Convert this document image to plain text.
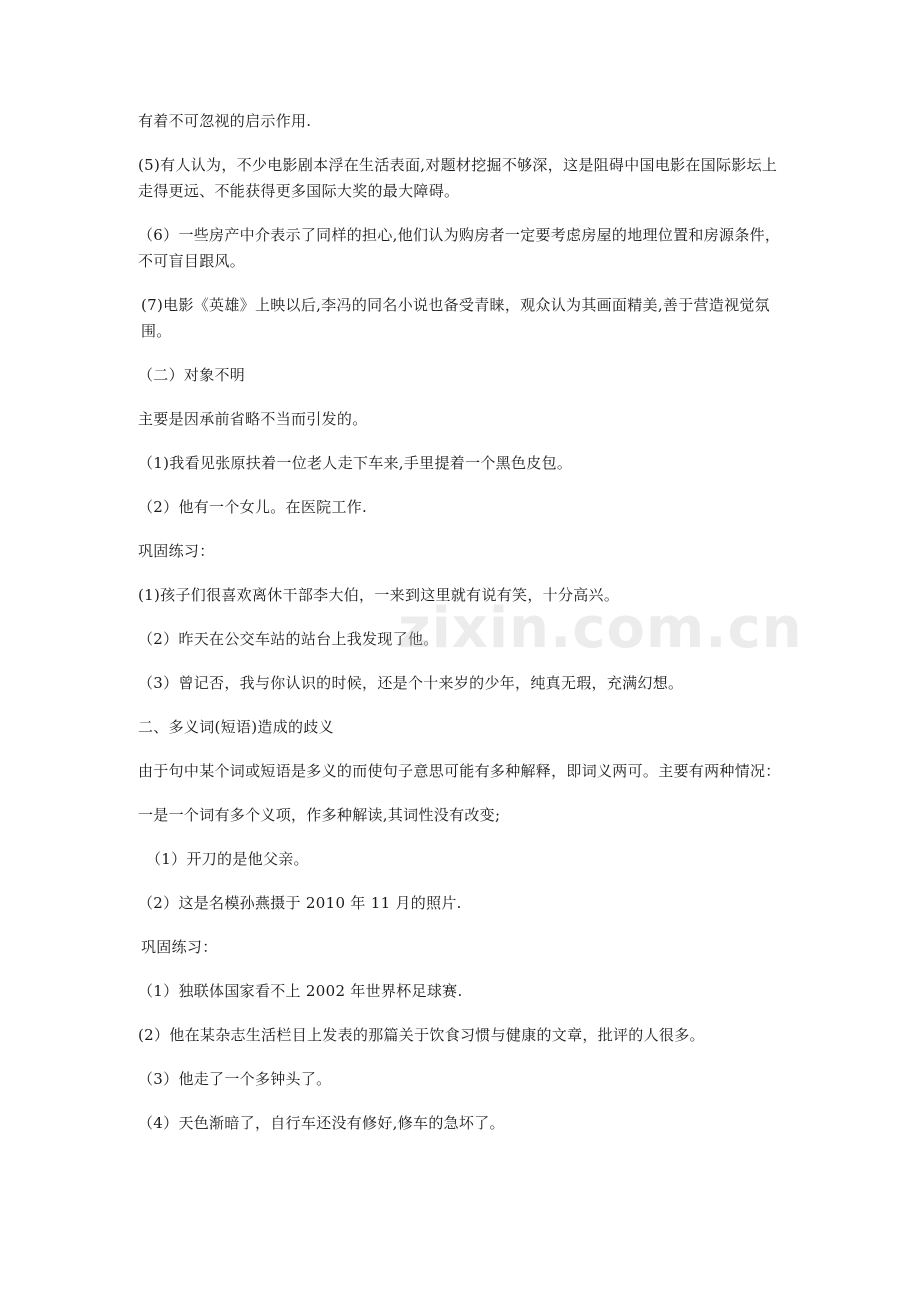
有着不可忽视的启示作用.

(5)有人认为，不少电影剧本浮在生活表面,对题材挖掘不够深，这是阻碍中国电影在国际影坛上走得更远、不能获得更多国际大奖的最大障碍。

（6）一些房产中介表示了同样的担心,他们认为购房者一定要考虑房屋的地理位置和房源条件，不可盲目跟风。

(7)电影《英雄》上映以后,李冯的同名小说也备受青睐，观众认为其画面精美,善于营造视觉氛围。

（二）对象不明

主要是因承前省略不当而引发的。

（1)我看见张原扶着一位老人走下车来,手里提着一个黑色皮包。

（2）他有一个女儿。在医院工作.

巩固练习：

(1)孩子们很喜欢离休干部李大伯，一来到这里就有说有笑，十分高兴。

（2）昨天在公交车站的站台上我发现了他。

（3）曾记否，我与你认识的时候，还是个十来岁的少年，纯真无瑕，充满幻想。

二、多义词(短语)造成的歧义

由于句中某个词或短语是多义的而使句子意思可能有多种解释，即词义两可。主要有两种情况：

一是一个词有多个义项，作多种解读,其词性没有改变;

（1）开刀的是他父亲。

（2）这是名模孙燕摄于 2010 年 11 月的照片.

巩固练习：

（1）独联体国家看不上 2002 年世界杯足球赛.

(2）他在某杂志生活栏目上发表的那篇关于饮食习惯与健康的文章，批评的人很多。

（3）他走了一个多钟头了。

（4）天色渐暗了，自行车还没有修好,修车的急坏了。

zixin.com.cn
